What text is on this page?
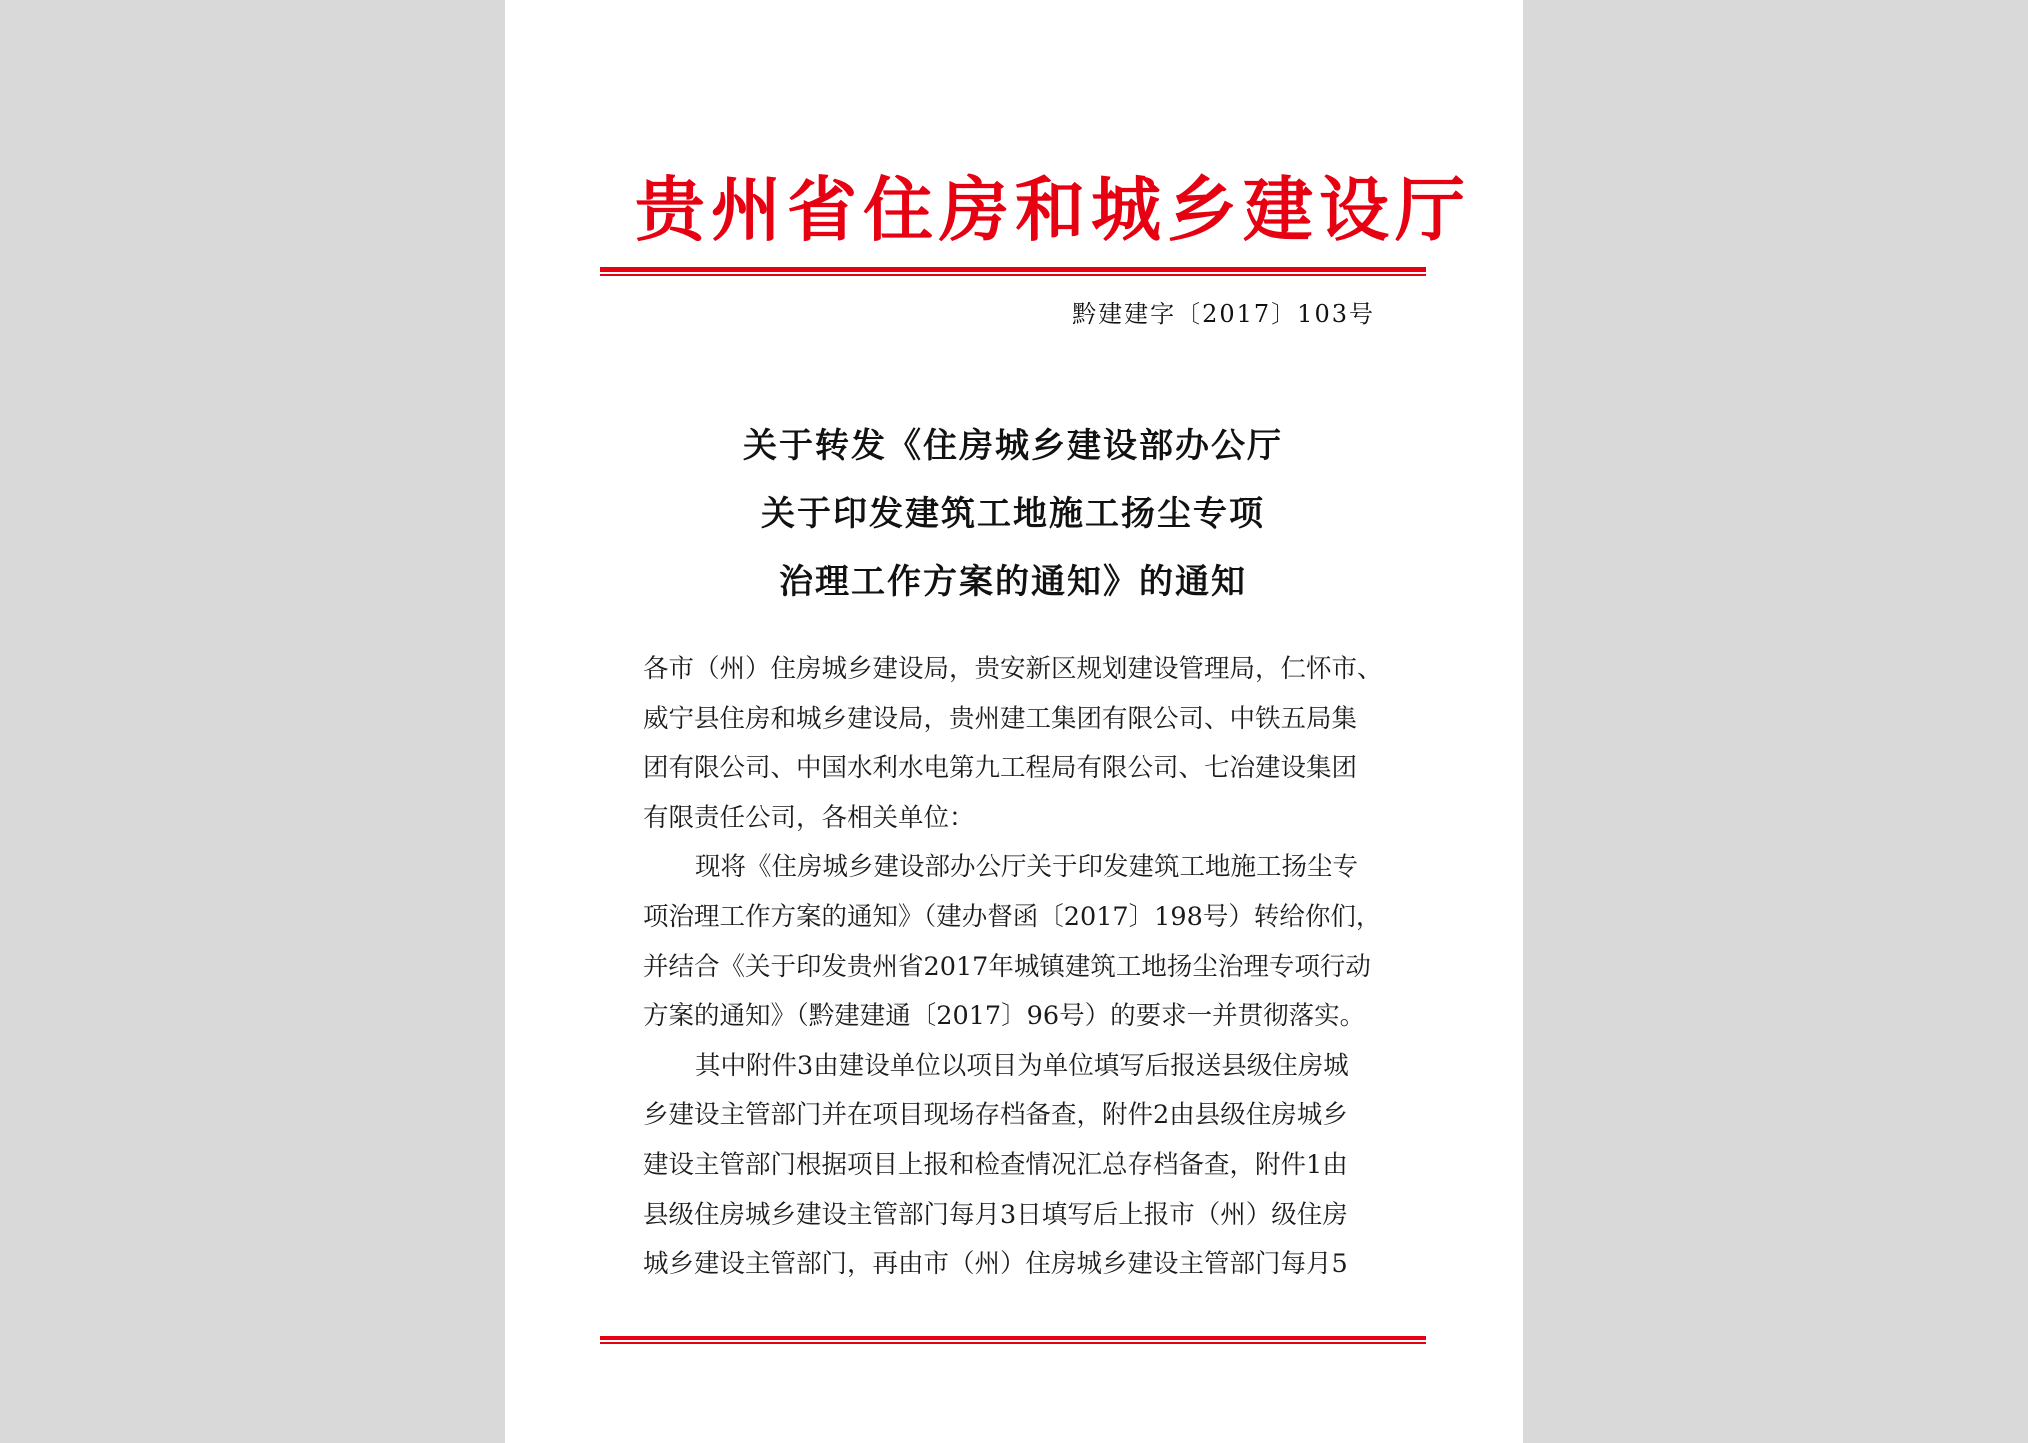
贵州省住房和城乡建设厅
黔建建字〔2017〕103号
关于转发《住房城乡建设部办公厅
关于印发建筑工地施工扬尘专项
治理工作方案的通知》的通知
各市（州）住房城乡建设局，贵安新区规划建设管理局，仁怀市、
威宁县住房和城乡建设局，贵州建工集团有限公司、中铁五局集
团有限公司、中国水利水电第九工程局有限公司、七冶建设集团
有限责任公司，各相关单位：
现将《住房城乡建设部办公厅关于印发建筑工地施工扬尘专
项治理工作方案的通知》（建办督函〔2017〕198号）转给你们，
并结合《关于印发贵州省2017年城镇建筑工地扬尘治理专项行动
方案的通知》（黔建建通〔2017〕96号）的要求一并贯彻落实。
其中附件3由建设单位以项目为单位填写后报送县级住房城
乡建设主管部门并在项目现场存档备查，附件2由县级住房城乡
建设主管部门根据项目上报和检查情况汇总存档备查，附件1由
县级住房城乡建设主管部门每月3日填写后上报市（州）级住房
城乡建设主管部门，再由市（州）住房城乡建设主管部门每月5
